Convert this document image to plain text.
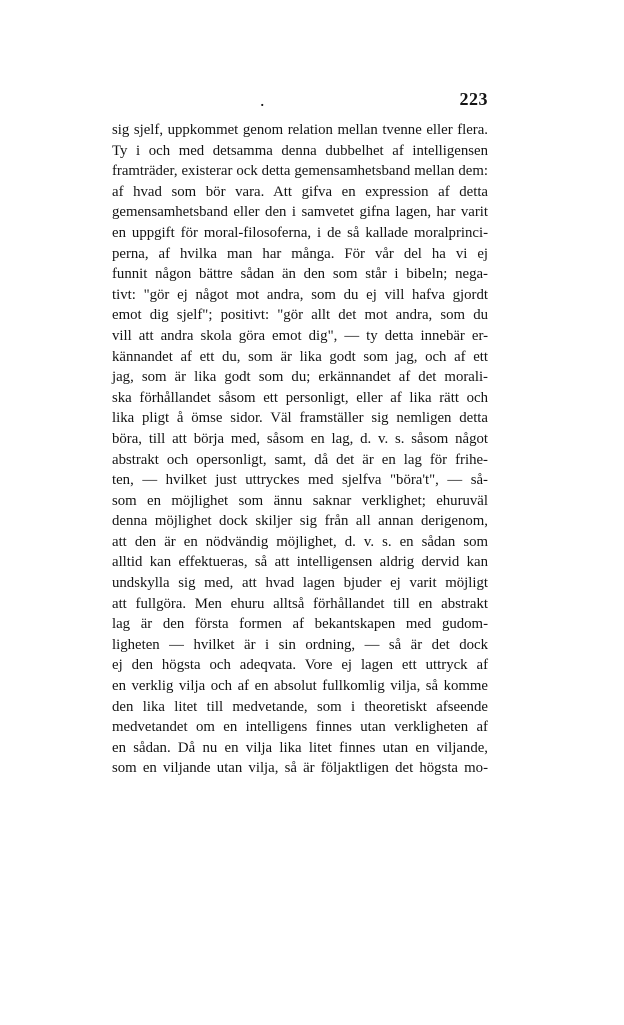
.	223
sig sjelf, uppkommet genom relation mellan tvenne eller flera.
Ty i och med detsamma denna dubbelhet af intelligensen
framträder, existerar ock detta gemensamhetsband mellan dem:
af hvad som bör vara. Att gifva en expression af detta
gemensamhetsband eller den i samvetet gifna lagen, har varit
en uppgift för moral-filosoferna, i de så kallade moralprinci-
perna, af hvilka man har många. För vår del ha vi ej
funnit någon bättre sådan än den som står i bibeln; nega-
tivt: "gör ej något mot andra, som du ej vill hafva gjordt
emot dig sjelf"; positivt: "gör allt det mot andra, som du
vill att andra skola göra emot dig", — ty detta innebär er-
kännandet af ett du, som är lika godt som jag, och af ett
jag, som är lika godt som du; erkännandet af det morali-
ska förhållandet såsom ett personligt, eller af lika rätt och
lika pligt å ömse sidor. Väl framställer sig nemligen detta
böra, till att börja med, såsom en lag, d. v. s. såsom något
abstrakt och opersonligt, samt, då det är en lag för frihe-
ten, — hvilket just uttryckes med sjelfva "böra't", — så-
som en möjlighet som ännu saknar verklighet; ehuruväl
denna möjlighet dock skiljer sig från all annan derigenom,
att den är en nödvändig möjlighet, d. v. s. en sådan som
alltid kan effektueras, så att intelligensen aldrig dervid kan
undskylla sig med, att hvad lagen bjuder ej varit möjligt
att fullgöra. Men ehuru alltså förhållandet till en abstrakt
lag är den första formen af bekantskapen med gudom-
ligheten — hvilket är i sin ordning, — så är det dock
ej den högsta och adeqvata. Vore ej lagen ett uttryck af
en verklig vilja och af en absolut fullkomlig vilja, så komme
den lika litet till medvetande, som i theoretiskt afseende
medvetandet om en intelligens finnes utan verkligheten af
en sådan. Då nu en vilja lika litet finnes utan en viljande,
som en viljande utan vilja, så är följaktligen det högsta mo-
